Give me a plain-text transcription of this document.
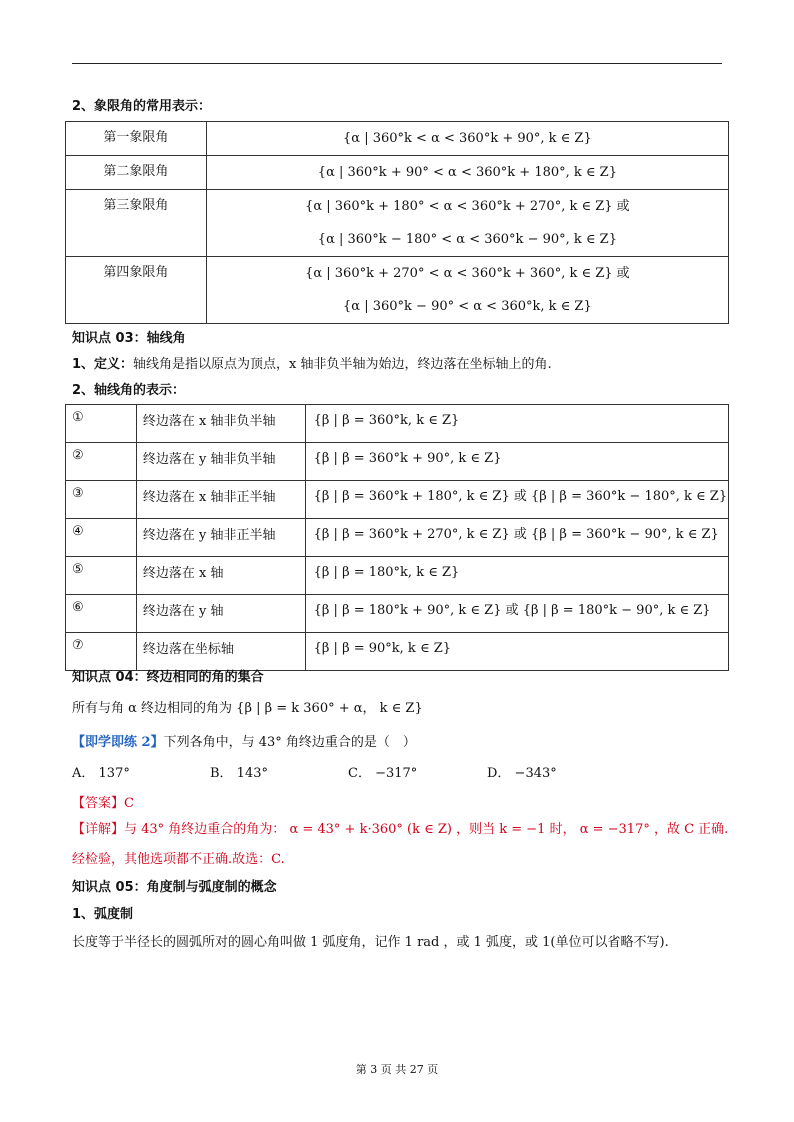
2、象限角的常用表示：
第一象限角	{α | 360°k < α < 360°k + 90°, k ∈ Z}

第二象限角	{α | 360°k + 90° < α < 360°k + 180°, k ∈ Z}

第三象限角	{α | 360°k + 180° < α < 360°k + 270°, k ∈ Z} 或
{α | 360°k − 180° < α < 360°k − 90°, k ∈ Z}

第四象限角	{α | 360°k + 270° < α < 360°k + 360°, k ∈ Z} 或
{α | 360°k − 90° < α < 360°k, k ∈ Z}
知识点 03：轴线角
1、定义：轴线角是指以原点为顶点，x 轴非负半轴为始边，终边落在坐标轴上的角.
2、轴线角的表示：
①	终边落在 x 轴非负半轴	{β | β = 360°k, k ∈ Z}
②	终边落在 y 轴非负半轴	{β | β = 360°k + 90°, k ∈ Z}
③	终边落在 x 轴非正半轴	{β | β = 360°k + 180°, k ∈ Z} 或 {β | β = 360°k − 180°, k ∈ Z}
④	终边落在 y 轴非正半轴	{β | β = 360°k + 270°, k ∈ Z} 或 {β | β = 360°k − 90°, k ∈ Z}
⑤	终边落在 x 轴	{β | β = 180°k, k ∈ Z}
⑥	终边落在 y 轴	{β | β = 180°k + 90°, k ∈ Z} 或 {β | β = 180°k − 90°, k ∈ Z}
⑦	终边落在坐标轴	{β | β = 90°k, k ∈ Z}
知识点 04：终边相同的角的集合
所有与角 α 终边相同的角为 {β | β = k 360° + α， k ∈ Z}
【即学即练 2】下列各角中，与 43° 角终边重合的是（　）
A． 137°	B． 143°	C． −317°	D． −343°
【答案】C
【详解】与 43° 角终边重合的角为： α = 43° + k·360° (k ∈ Z) ，则当 k = −1 时， α = −317° ，故 C 正确.
经检验，其他选项都不正确.故选：C.
知识点 05：角度制与弧度制的概念
1、弧度制
长度等于半径长的圆弧所对的圆心角叫做 1 弧度角，记作 1 rad ，或 1 弧度，或 1(单位可以省略不写).
第 3 页 共 27 页
